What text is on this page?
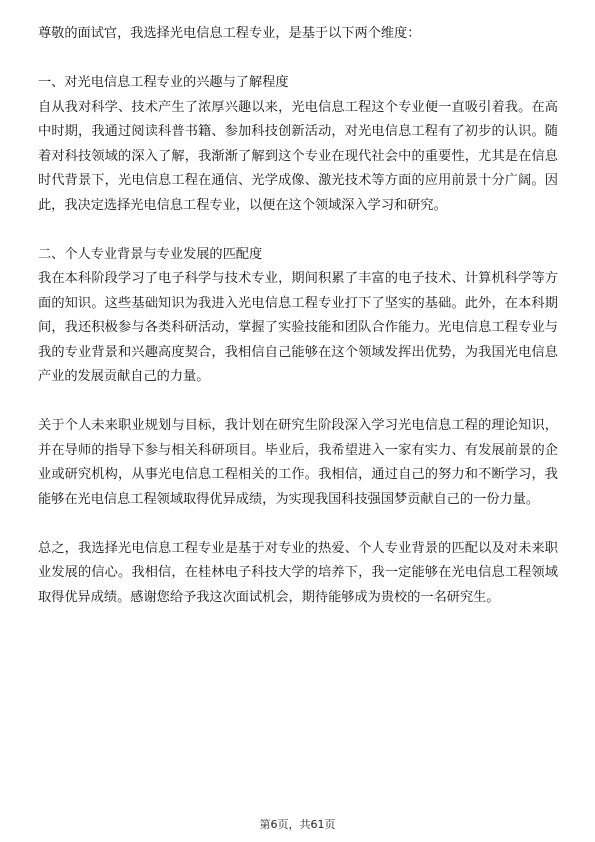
尊敬的面试官，我选择光电信息工程专业，是基于以下两个维度：

一、对光电信息工程专业的兴趣与了解程度

自从我对科学、技术产生了浓厚兴趣以来，光电信息工程这个专业便一直吸引着我。在高中时期，我通过阅读科普书籍、参加科技创新活动，对光电信息工程有了初步的认识。随着对科技领域的深入了解，我渐渐了解到这个专业在现代社会中的重要性，尤其是在信息时代背景下，光电信息工程在通信、光学成像、激光技术等方面的应用前景十分广阔。因此，我决定选择光电信息工程专业，以便在这个领域深入学习和研究。

二、个人专业背景与专业发展的匹配度

我在本科阶段学习了电子科学与技术专业，期间积累了丰富的电子技术、计算机科学等方面的知识。这些基础知识为我进入光电信息工程专业打下了坚实的基础。此外，在本科期间，我还积极参与各类科研活动，掌握了实验技能和团队合作能力。光电信息工程专业与我的专业背景和兴趣高度契合，我相信自己能够在这个领域发挥出优势，为我国光电信息产业的发展贡献自己的力量。

关于个人未来职业规划与目标，我计划在研究生阶段深入学习光电信息工程的理论知识，并在导师的指导下参与相关科研项目。毕业后，我希望进入一家有实力、有发展前景的企业或研究机构，从事光电信息工程相关的工作。我相信，通过自己的努力和不断学习，我能够在光电信息工程领域取得优异成绩，为实现我国科技强国梦贡献自己的一份力量。

总之，我选择光电信息工程专业是基于对专业的热爱、个人专业背景的匹配以及对未来职业发展的信心。我相信，在桂林电子科技大学的培养下，我一定能够在光电信息工程领域取得优异成绩。感谢您给予我这次面试机会，期待能够成为贵校的一名研究生。

第6页，共61页
